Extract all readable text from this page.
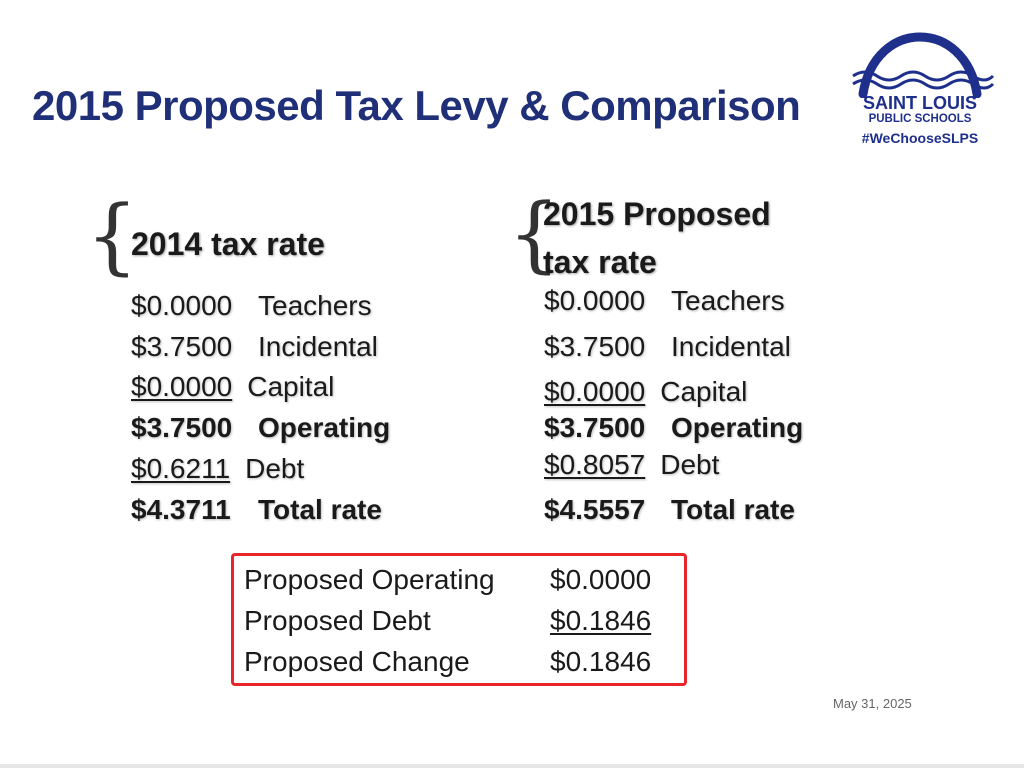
2015 Proposed Tax Levy & Comparison	SAINT LOUIS
PUBLIC SCHOOLS
#WeChooseSLPS
{
2014 tax rate
$0.0000 Teachers
$3.7500 Incidental
$0.0000 Capital
$3.7500 Operating
$0.6211 Debt
$4.3711 Total rate
{
2015 Proposed
tax rate
$0.0000 Teachers
$3.7500 Incidental
$0.0000 Capital
$3.7500 Operating
$0.8057 Debt
$4.5557 Total rate
Proposed Operating $0.0000
Proposed Debt	$0.1846
Proposed Change	$0.1846
May 31, 2025
